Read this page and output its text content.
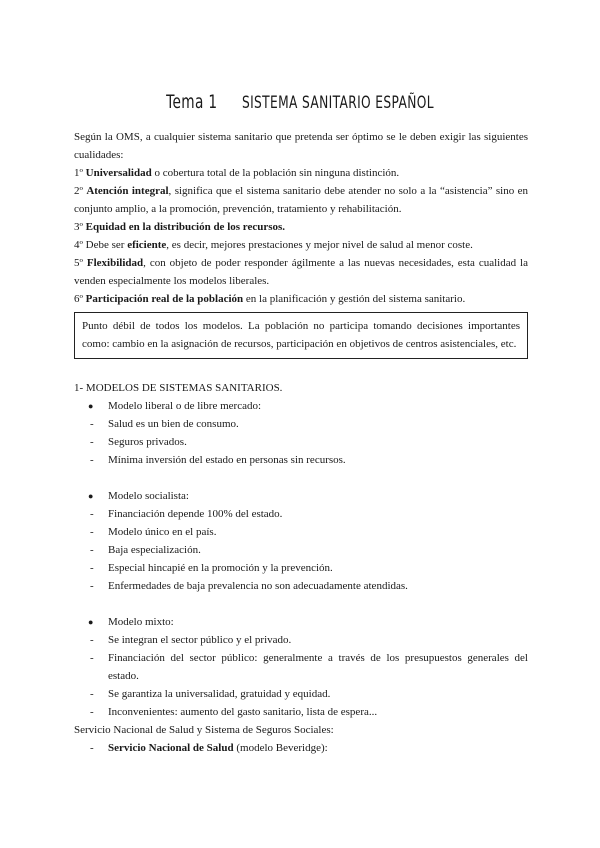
Tema 1 SISTEMA SANITARIO ESPAÑOL

Según la OMS, a cualquier sistema sanitario que pretenda ser óptimo se le deben exigir las siguientes cualidades:

1º Universalidad o cobertura total de la población sin ninguna distinción.

2º Atención integral, significa que el sistema sanitario debe atender no solo a la “asistencia” sino en conjunto amplio, a la promoción, prevención, tratamiento y rehabilitación.

3º Equidad en la distribución de los recursos.

4º Debe ser eficiente, es decir, mejores prestaciones y mejor nivel de salud al menor coste.

5º Flexibilidad, con objeto de poder responder ágilmente a las nuevas necesidades, esta cualidad la venden especialmente los modelos liberales.

6º Participación real de la población en la planificación y gestión del sistema sanitario.

Punto débil de todos los modelos. La población no participa tomando decisiones importantes como: cambio en la asignación de recursos, participación en objetivos de centros asistenciales, etc.
1- MODELOS DE SISTEMAS SANITARIOS.
● Modelo liberal o de libre mercado:
- Salud es un bien de consumo.
- Seguros privados.
- Mínima inversión del estado en personas sin recursos.
● Modelo socialista:
- Financiación depende 100% del estado.
- Modelo único en el país.
- Baja especialización.
- Especial hincapié en la promoción y la prevención.
- Enfermedades de baja prevalencia no son adecuadamente atendidas.
● Modelo mixto:
- Se integran el sector público y el privado.
- Financiación del sector público: generalmente a través de los presupuestos generales del estado.
- Se garantiza la universalidad, gratuidad y equidad.
- Inconvenientes: aumento del gasto sanitario, lista de espera...
Servicio Nacional de Salud y Sistema de Seguros Sociales:
- Servicio Nacional de Salud (modelo Beveridge):
